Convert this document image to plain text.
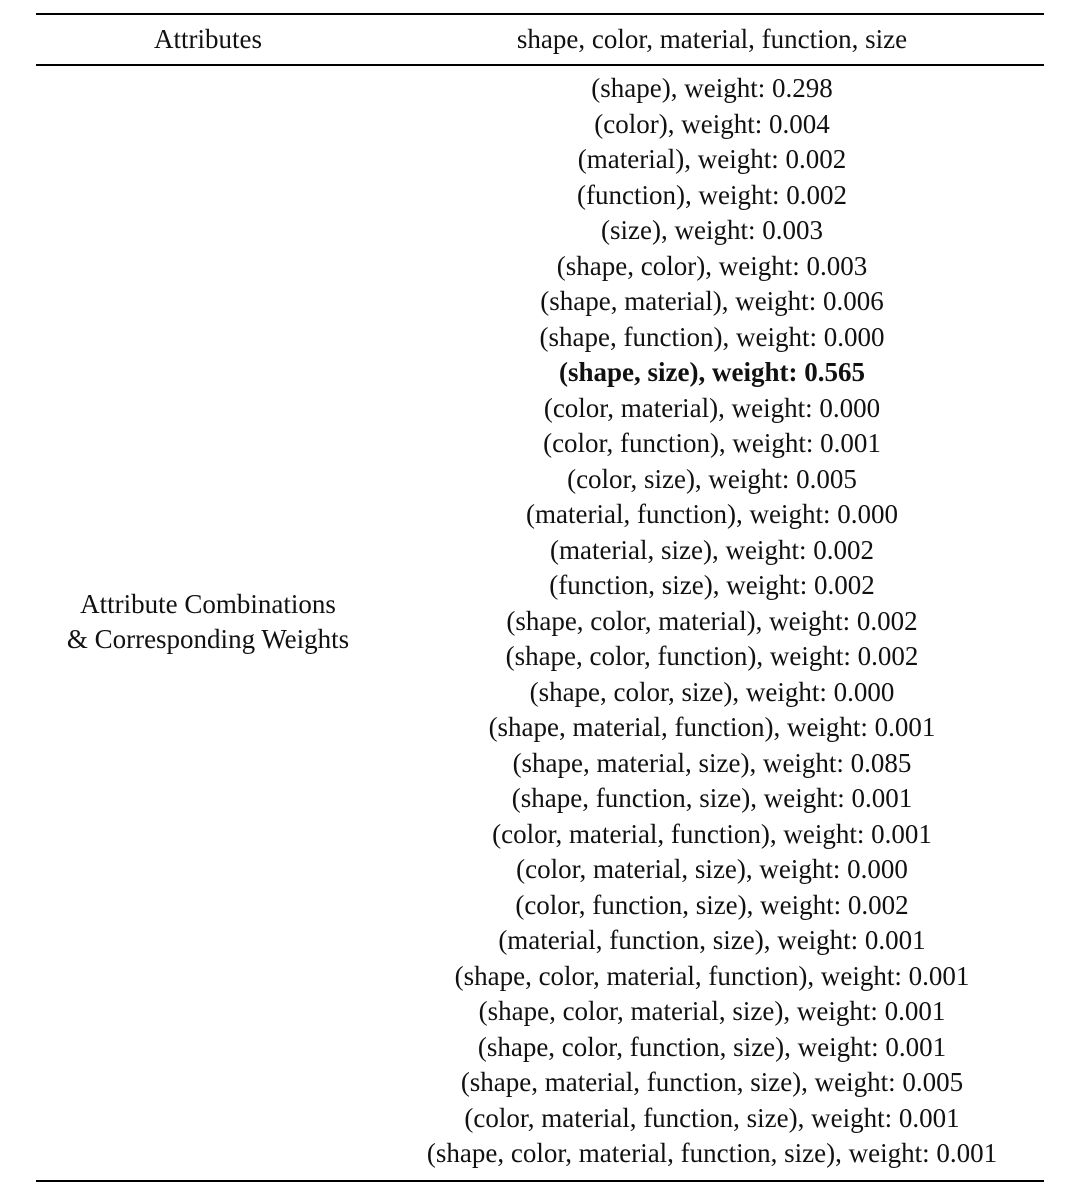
Attributes	shape, color, material, function, size
Attribute Combinations
& Corresponding Weights
(shape), weight: 0.298
(color), weight: 0.004
(material), weight: 0.002
(function), weight: 0.002
(size), weight: 0.003
(shape, color), weight: 0.003
(shape, material), weight: 0.006
(shape, function), weight: 0.000
(shape, size), weight: 0.565
(color, material), weight: 0.000
(color, function), weight: 0.001
(color, size), weight: 0.005
(material, function), weight: 0.000
(material, size), weight: 0.002
(function, size), weight: 0.002
(shape, color, material), weight: 0.002
(shape, color, function), weight: 0.002
(shape, color, size), weight: 0.000
(shape, material, function), weight: 0.001
(shape, material, size), weight: 0.085
(shape, function, size), weight: 0.001
(color, material, function), weight: 0.001
(color, material, size), weight: 0.000
(color, function, size), weight: 0.002
(material, function, size), weight: 0.001
(shape, color, material, function), weight: 0.001
(shape, color, material, size), weight: 0.001
(shape, color, function, size), weight: 0.001
(shape, material, function, size), weight: 0.005
(color, material, function, size), weight: 0.001
(shape, color, material, function, size), weight: 0.001
